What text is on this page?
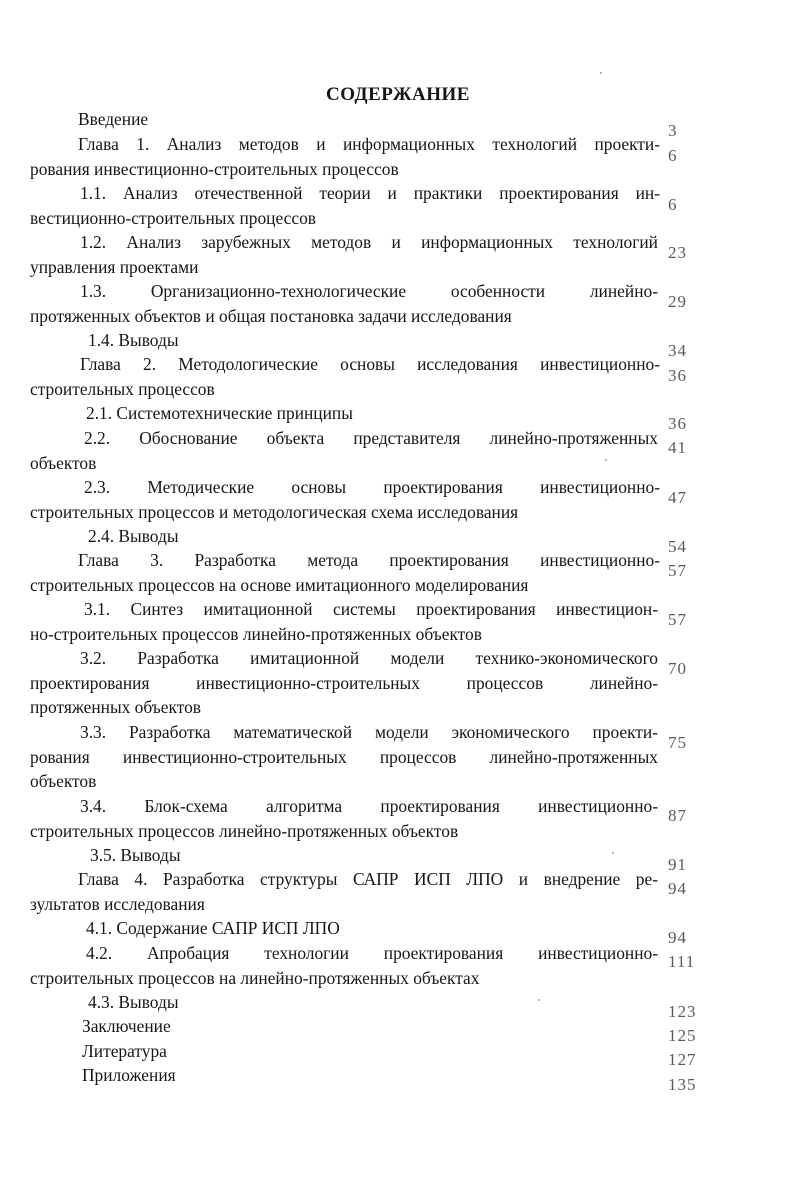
СОДЕРЖАНИЕ
Введение
Глава 1. Анализ методов и информационных технологий проекти-
рования инвестиционно-строительных процессов
1.1. Анализ отечественной теории и практики проектирования ин-
вестиционно-строительных процессов
1.2. Анализ зарубежных методов и информационных технологий
управления проектами
1.3. Организационно-технологические особенности линейно-
протяженных объектов и общая постановка задачи исследования
1.4. Выводы
Глава 2. Методологические основы исследования инвестиционно-
строительных процессов
2.1. Системотехнические принципы
2.2. Обоснование объекта представителя линейно-протяженных
объектов
2.3. Методические основы проектирования инвестиционно-
строительных процессов и методологическая схема исследования
2.4. Выводы
Глава 3. Разработка метода проектирования инвестиционно-
строительных процессов на основе имитационного моделирования
3.1. Синтез имитационной системы проектирования инвестицион-
но-строительных процессов линейно-протяженных объектов
3.2. Разработка имитационной модели технико-экономического
проектирования инвестиционно-строительных процессов линейно-
протяженных объектов
3.3. Разработка математической модели экономического проекти-
рования инвестиционно-строительных процессов линейно-протяженных
объектов
3.4. Блок-схема алгоритма проектирования инвестиционно-
строительных процессов линейно-протяженных объектов
3.5. Выводы
Глава 4. Разработка структуры САПР ИСП ЛПО и внедрение ре-
зультатов исследования
4.1. Содержание САПР ИСП ЛПО
4.2. Апробация технологии проектирования инвестиционно-
строительных процессов на линейно-протяженных объектах
4.3. Выводы
Заключение
Литература
Приложения
3
6
6
23
29
34
36
36
41
47
54
57
57
70
75
87
91
94
94
111
123
125
127
135
